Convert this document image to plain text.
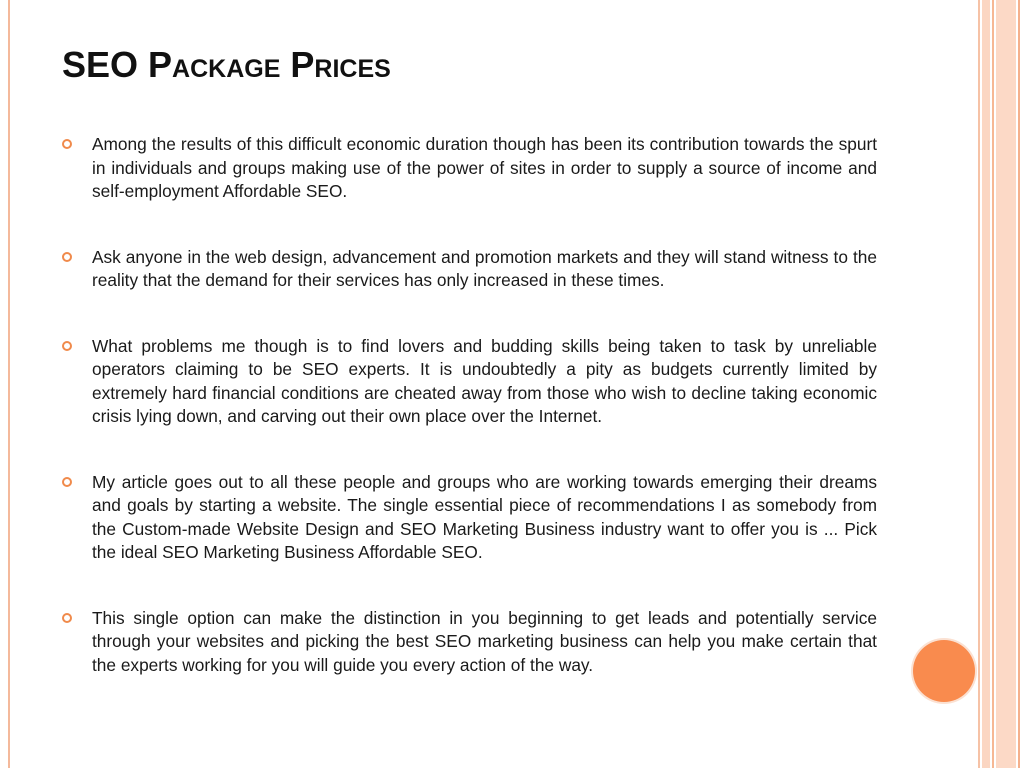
SEO Package Prices
Among the results of this difficult economic duration though has been its contribution towards the spurt in individuals and groups making use of the power of sites in order to supply a source of income and self-employment Affordable SEO.
Ask anyone in the web design, advancement and promotion markets and they will stand witness to the reality that the demand for their services has only increased in these times.
What problems me though is to find lovers and budding skills being taken to task by unreliable operators claiming to be SEO experts. It is undoubtedly a pity as budgets currently limited by extremely hard financial conditions are cheated away from those who wish to decline taking economic crisis lying down, and carving out their own place over the Internet.
My article goes out to all these people and groups who are working towards emerging their dreams and goals by starting a website. The single essential piece of recommendations I as somebody from the Custom-made Website Design and SEO Marketing Business industry want to offer you is ... Pick the ideal SEO Marketing Business Affordable SEO.
This single option can make the distinction in you beginning to get leads and potentially service through your websites and picking the best SEO marketing business can help you make certain that the experts working for you will guide you every action of the way.
